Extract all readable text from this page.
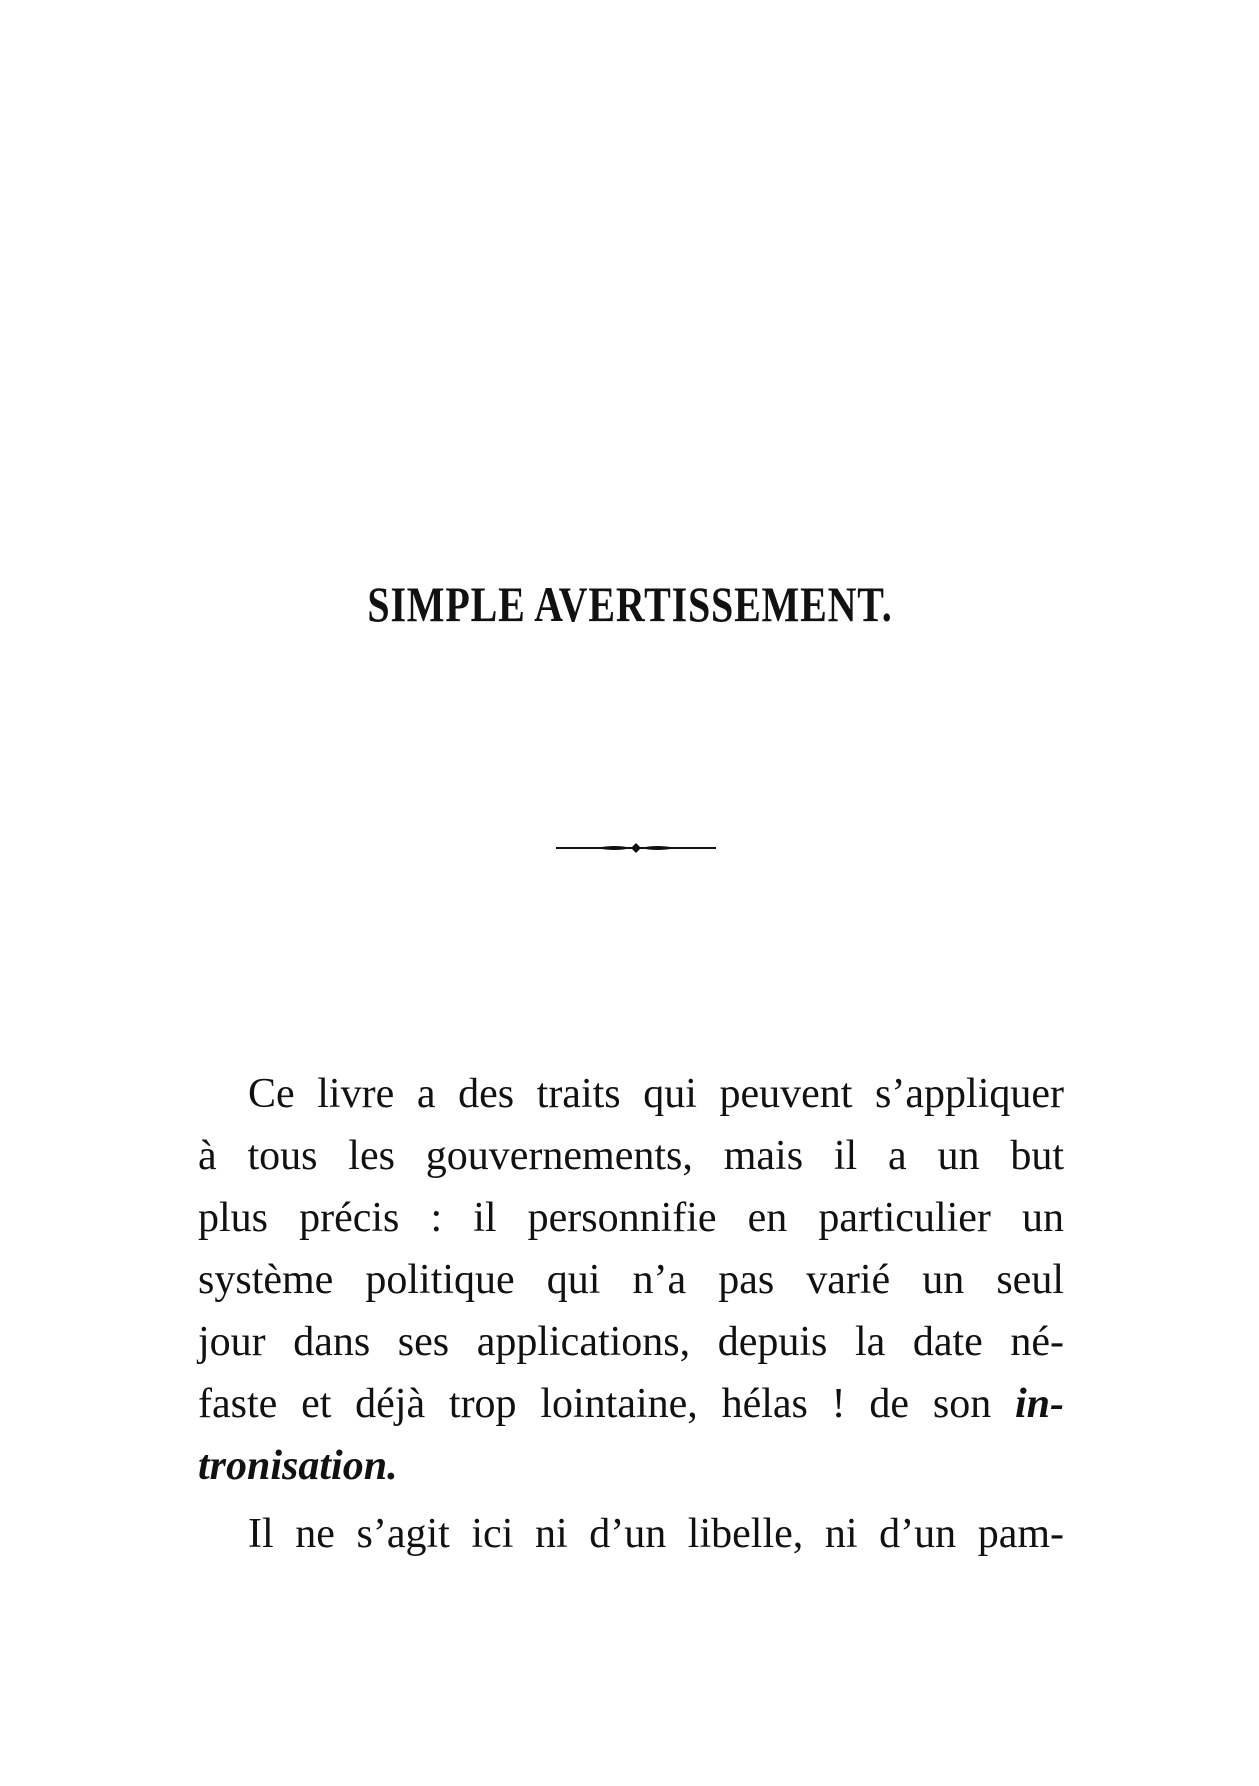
SIMPLE AVERTISSEMENT.
Ce livre a des traits qui peuvent s’appliquer
à tous les gouvernements, mais il a un but
plus précis : il personnifie en particulier un
système politique qui n’a pas varié un seul
jour dans ses applications, depuis la date né-
faste et déjà trop lointaine, hélas ! de son in-
tronisation.
Il ne s’agit ici ni d’un libelle, ni d’un pam-
